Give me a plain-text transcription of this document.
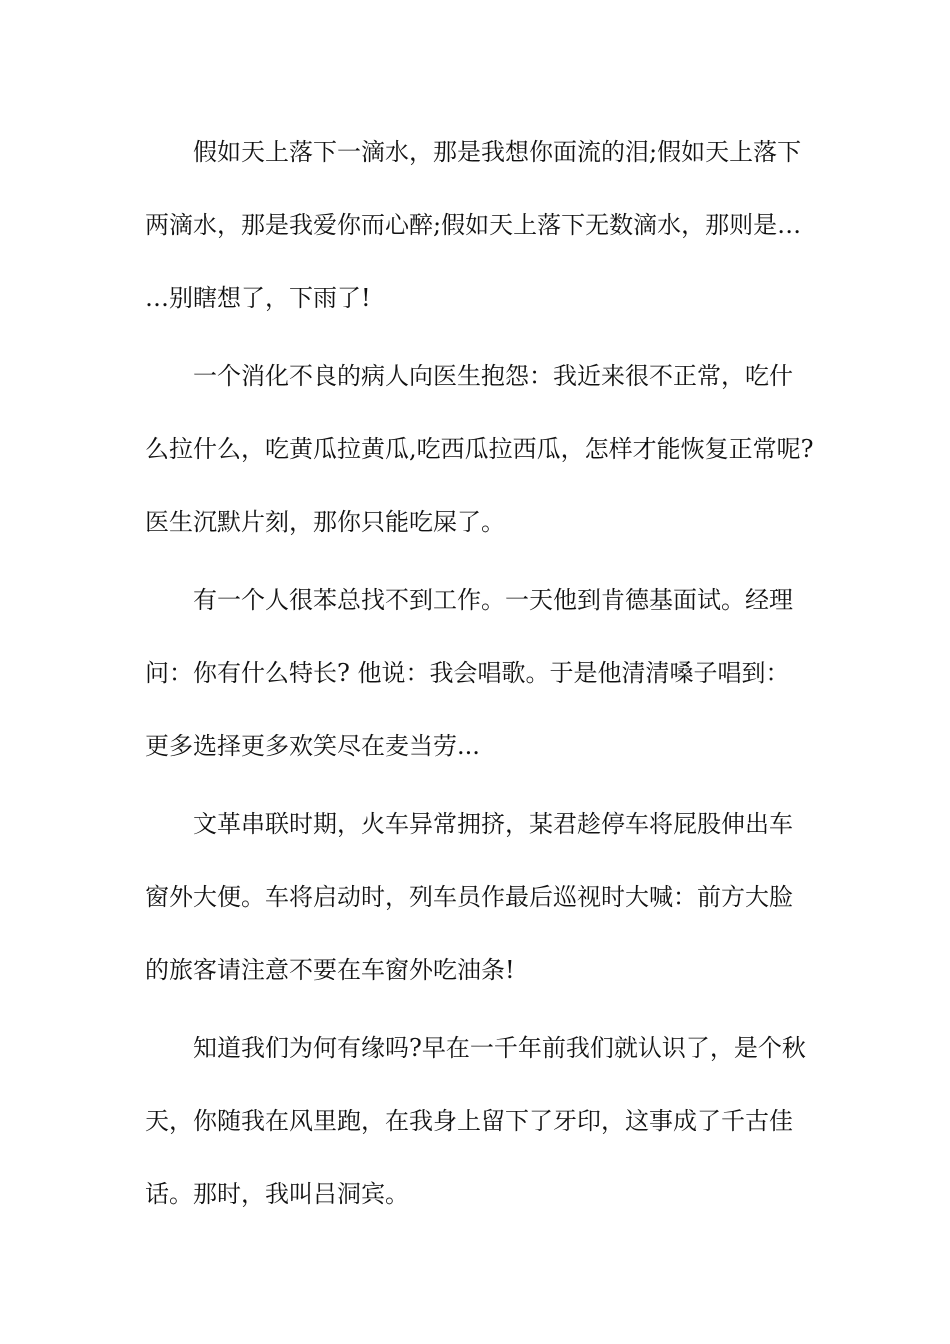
假如天上落下一滴水，那是我想你面流的泪;假如天上落下
两滴水，那是我爱你而心醉;假如天上落下无数滴水，那则是…
…别瞎想了，下雨了!
一个消化不良的病人向医生抱怨：我近来很不正常，吃什
么拉什么，吃黄瓜拉黄瓜,吃西瓜拉西瓜，怎样才能恢复正常呢?
医生沉默片刻，那你只能吃屎了。
有一个人很苯总找不到工作。一天他到肯德基面试。经理
问：你有什么特长? 他说：我会唱歌。于是他清清嗓子唱到：
更多选择更多欢笑尽在麦当劳...
文革串联时期，火车异常拥挤，某君趁停车将屁股伸出车
窗外大便。车将启动时，列车员作最后巡视时大喊：前方大脸
的旅客请注意不要在车窗外吃油条!
知道我们为何有缘吗?早在一千年前我们就认识了，是个秋
天，你随我在风里跑，在我身上留下了牙印，这事成了千古佳
话。那时，我叫吕洞宾。
